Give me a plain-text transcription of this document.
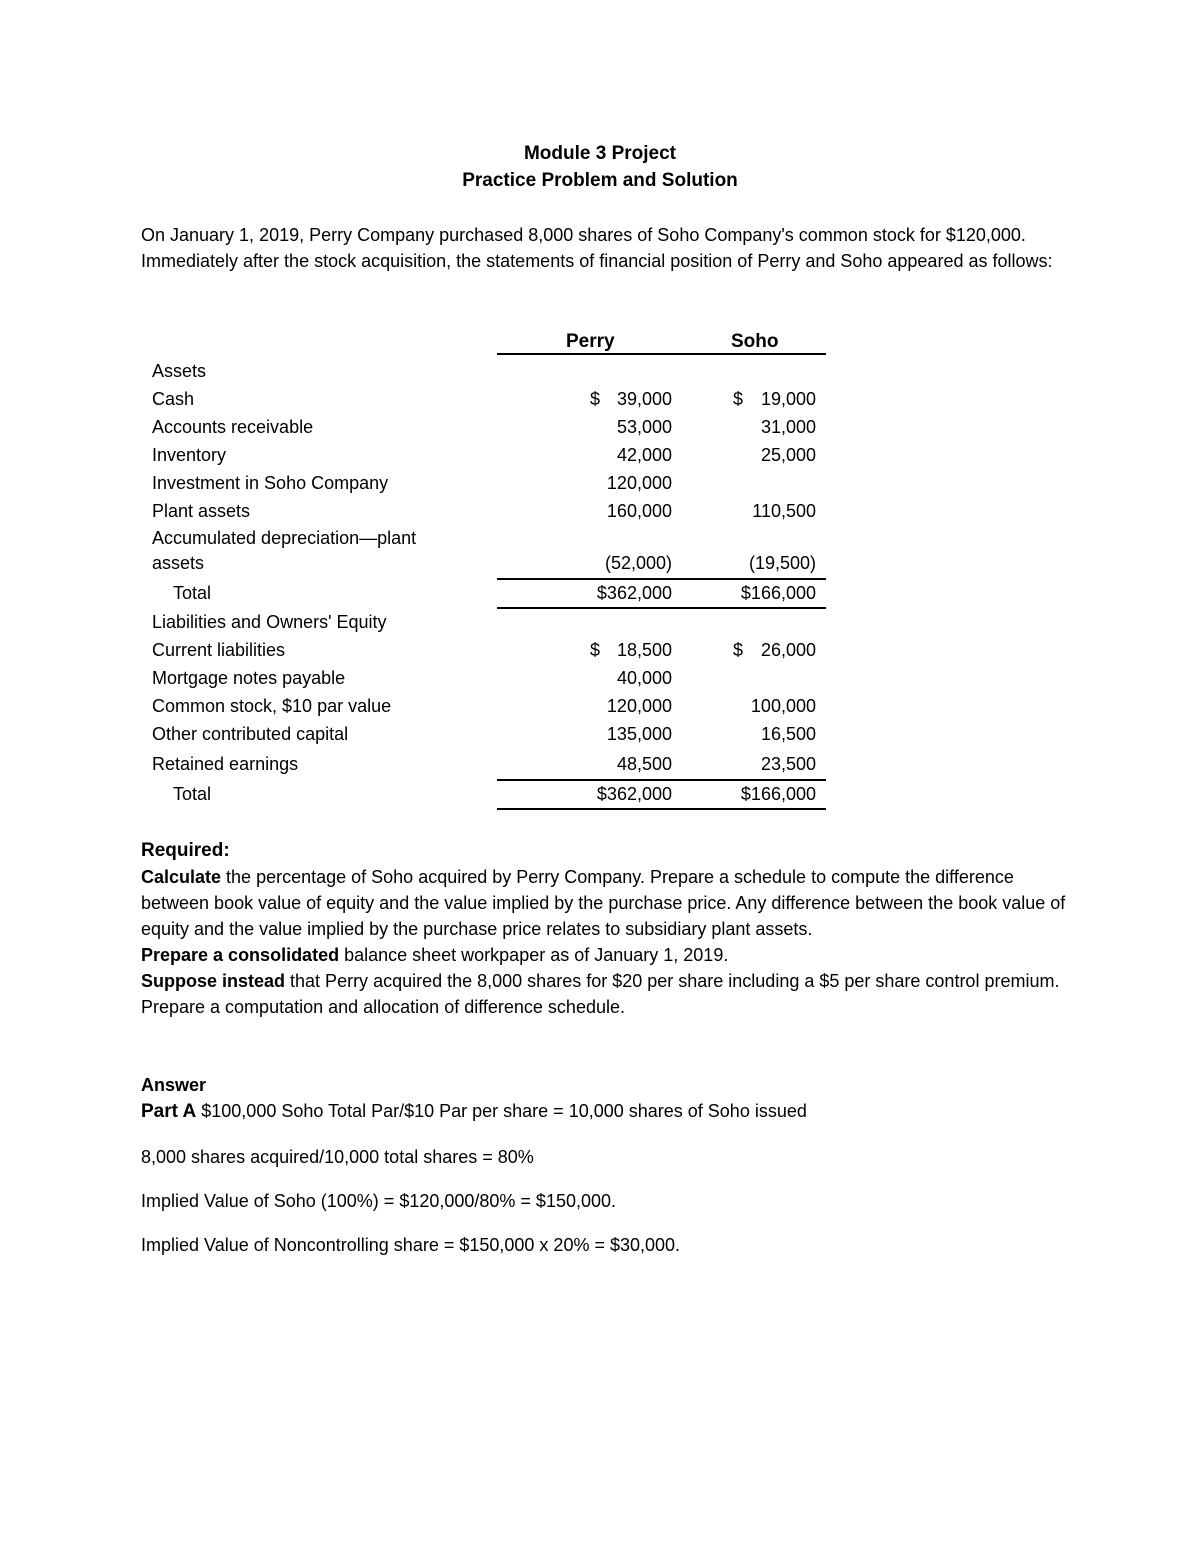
Module 3 Project
Practice Problem and Solution
On January 1, 2019, Perry Company purchased 8,000 shares of Soho Company's common stock for $120,000. Immediately after the stock acquisition, the statements of financial position of Perry and Soho appeared as follows:
Perry	Soho
Assets
Cash	$ 39,000	$ 19,000
Accounts receivable	53,000	31,000
Inventory	42,000	25,000
Investment in Soho Company	120,000
Plant assets	160,000	110,500
Accumulated depreciation—plant
assets	(52,000)	(19,500)
Total	$362,000	$166,000
Liabilities and Owners' Equity
Current liabilities	$ 18,500	$ 26,000
Mortgage notes payable	40,000
Common stock, $10 par value	120,000	100,000
Other contributed capital	135,000	16,500
Retained earnings	48,500	23,500
Total	$362,000	$166,000
Required:
Calculate the percentage of Soho acquired by Perry Company. Prepare a schedule to compute the difference between book value of equity and the value implied by the purchase price. Any difference between the book value of equity and the value implied by the purchase price relates to subsidiary plant assets.
Prepare a consolidated balance sheet workpaper as of January 1, 2019.
Suppose instead that Perry acquired the 8,000 shares for $20 per share including a $5 per share control premium. Prepare a computation and allocation of difference schedule.
Answer
Part A $100,000 Soho Total Par/$10 Par per share = 10,000 shares of Soho issued
8,000 shares acquired/10,000 total shares = 80%
Implied Value of Soho (100%) = $120,000/80% = $150,000.
Implied Value of Noncontrolling share = $150,000 x 20% = $30,000.
